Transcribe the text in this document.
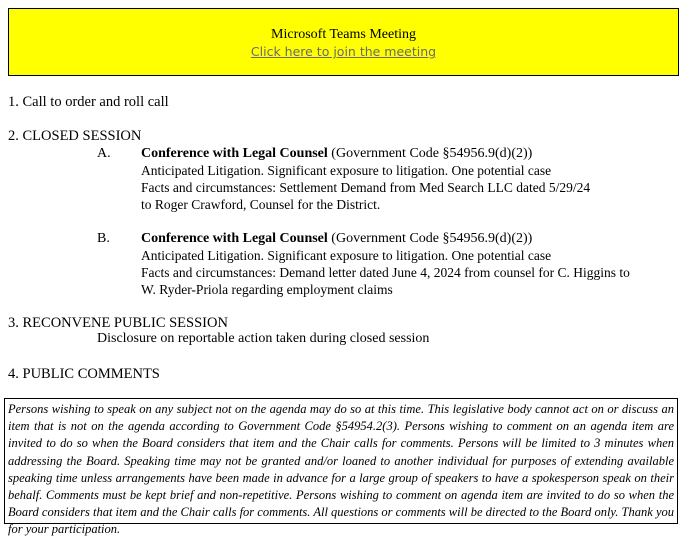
Microsoft Teams Meeting
Click here to join the meeting
1. Call to order and roll call
2. CLOSED SESSION
A. Conference with Legal Counsel (Government Code §54956.9(d)(2))
Anticipated Litigation. Significant exposure to litigation. One potential case
Facts and circumstances: Settlement Demand from Med Search LLC dated 5/29/24
to Roger Crawford, Counsel for the District.
B. Conference with Legal Counsel (Government Code §54956.9(d)(2))
Anticipated Litigation. Significant exposure to litigation. One potential case
Facts and circumstances: Demand letter dated June 4, 2024 from counsel for C. Higgins to
W. Ryder-Priola regarding employment claims
3. RECONVENE PUBLIC SESSION
Disclosure on reportable action taken during closed session
4. PUBLIC COMMENTS
Persons wishing to speak on any subject not on the agenda may do so at this time. This legislative body cannot act on or discuss an item that is not on the agenda according to Government Code §54954.2(3). Persons wishing to comment on an agenda item are invited to do so when the Board considers that item and the Chair calls for comments. Persons will be limited to 3 minutes when addressing the Board. Speaking time may not be granted and/or loaned to another individual for purposes of extending available speaking time unless arrangements have been made in advance for a large group of speakers to have a spokesperson speak on their behalf. Comments must be kept brief and non-repetitive. Persons wishing to comment on agenda item are invited to do so when the Board considers that item and the Chair calls for comments. All questions or comments will be directed to the Board only. Thank you for your participation.
